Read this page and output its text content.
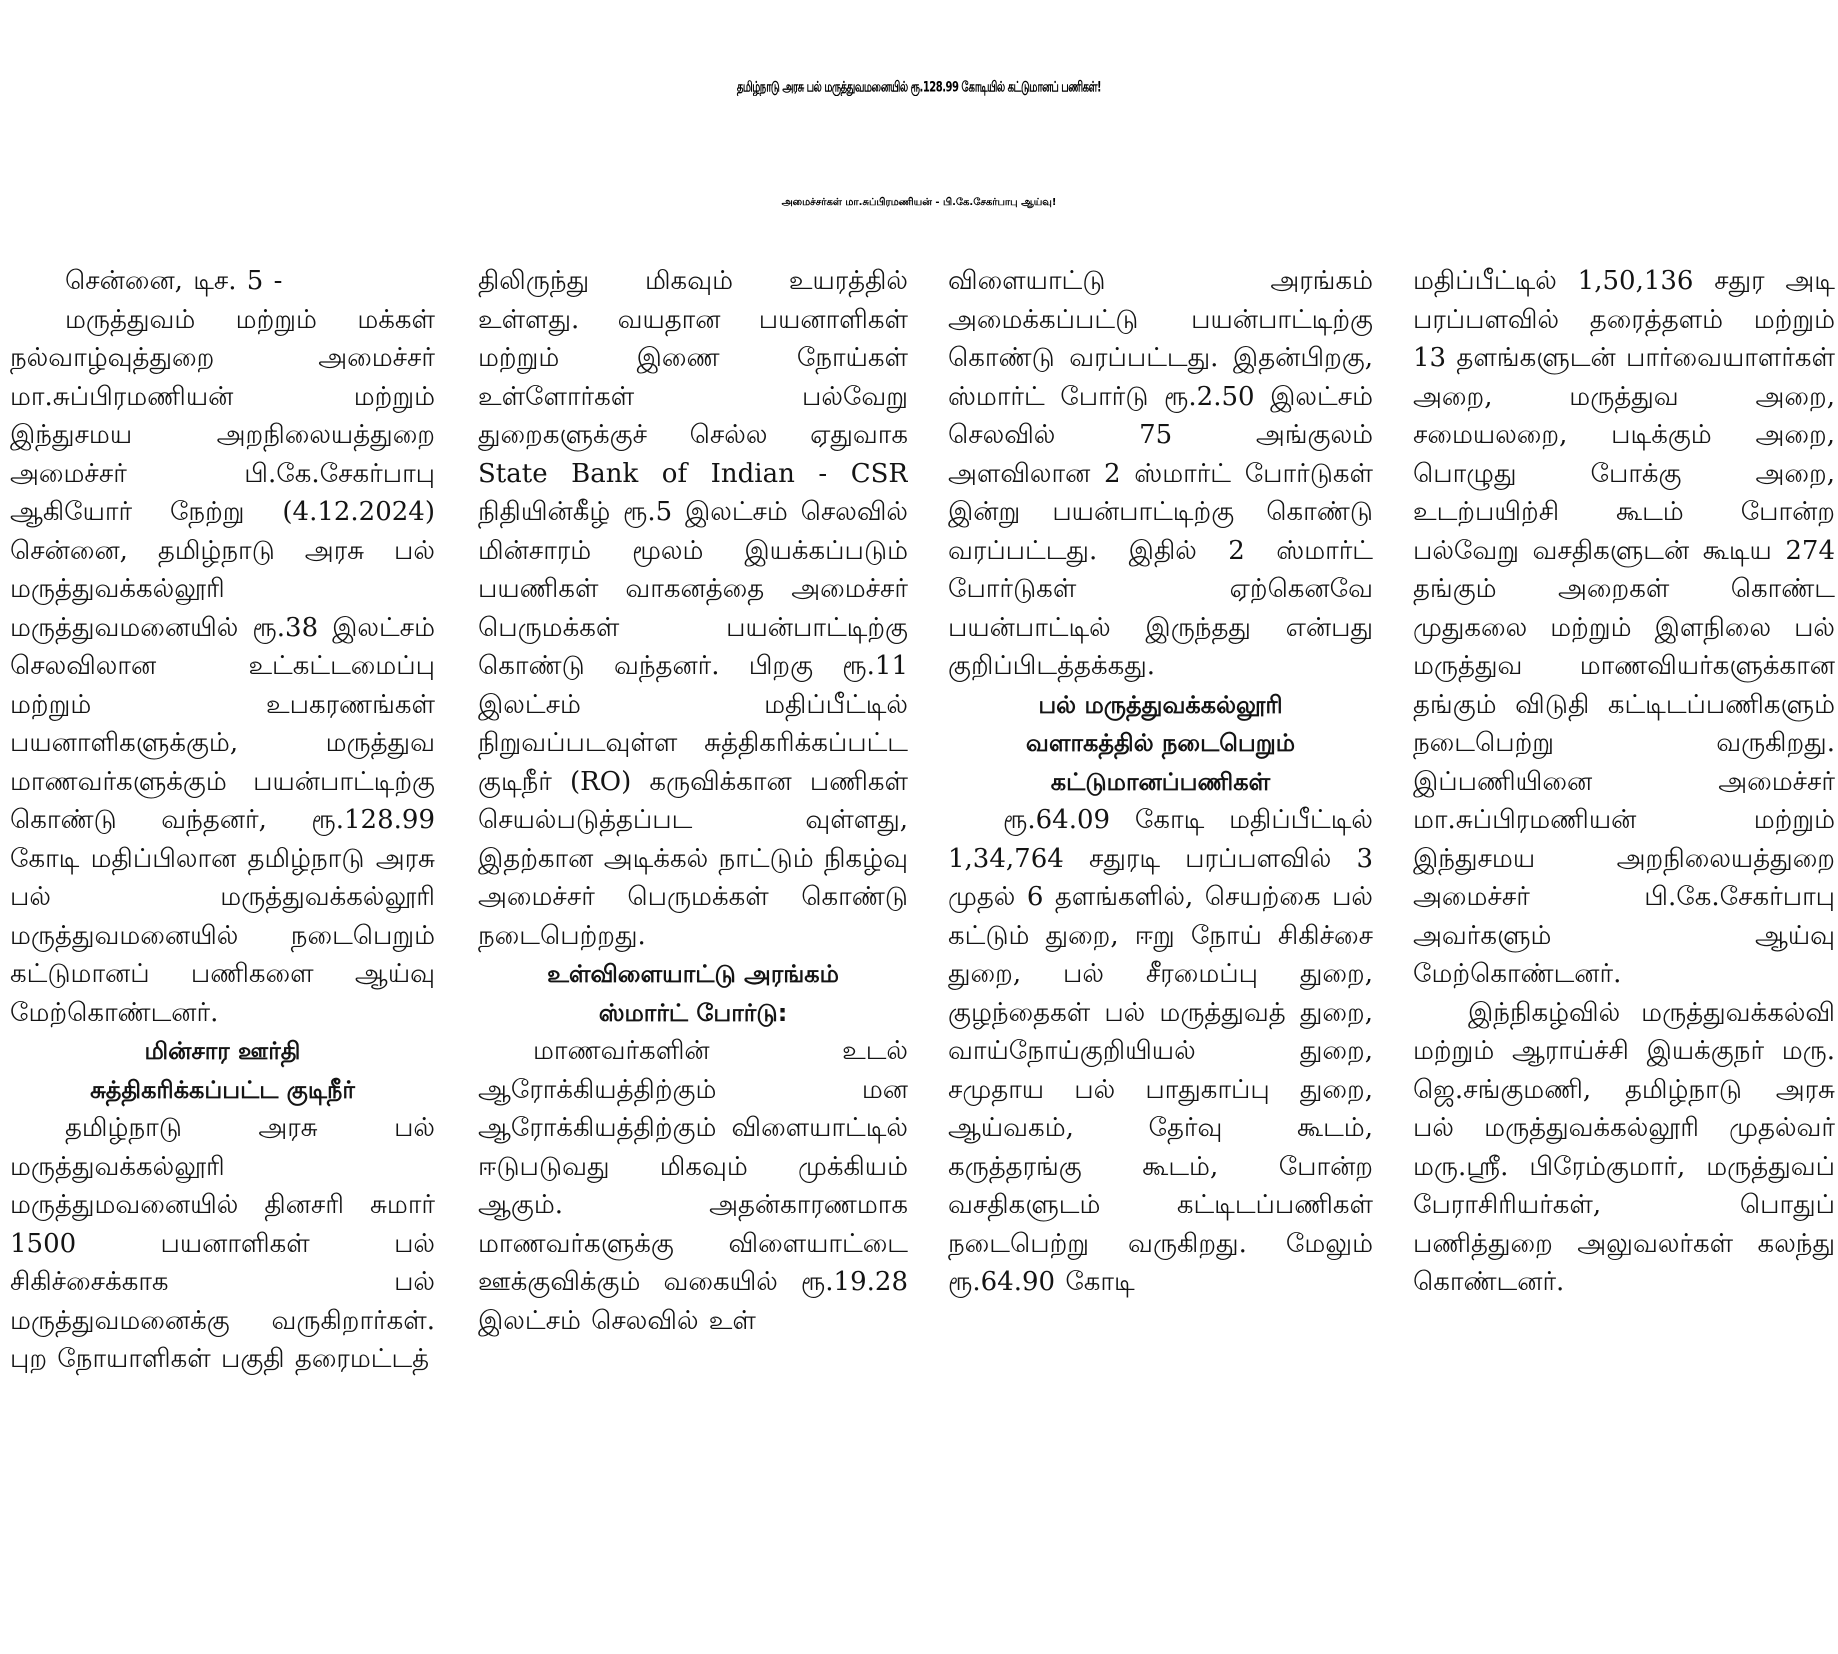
தமிழ்நாடு அரசு பல் மருத்துவமனையில் ரூ.128.99 கோடியில் கட்டுமானப் பணிகள்!
அமைச்சர்கள் மா.சுப்பிரமணியன் - பி.கே.சேகர்பாபு ஆய்வு!

சென்னை, டிச. 5 -

மருத்துவம் மற்றும் மக்கள் நல்வாழ்வுத்துறை அமைச்சர் மா.சுப்பிரமணியன் மற்றும் இந்துசமய அறநிலையத்துறை அமைச்சர் பி.கே.சேகர்பாபு ஆகியோர் நேற்று (4.12.2024) சென்னை, தமிழ்நாடு அரசு பல் மருத்துவக்கல்லூரி மருத்துவமனையில் ரூ.38 இலட்சம் செலவிலான உட்கட்டமைப்பு மற்றும் உபகரணங்கள் பயனாளிகளுக்கும், மருத்துவ மாணவர்களுக்கும் பயன்பாட்டிற்கு கொண்டு வந்தனர், ரூ.128.99 கோடி மதிப்பிலான தமிழ்நாடு அரசு பல் மருத்துவக்கல்லூரி மருத்துவமனையில் நடைபெறும் கட்டுமானப் பணிகளை ஆய்வு மேற்கொண்டனர்.

மின்சார ஊர்தி
சுத்திகரிக்கப்பட்ட குடிநீர்

தமிழ்நாடு அரசு பல் மருத்துவக்கல்லூரி மருத்துமவனையில் தினசரி சுமார் 1500 பயனாளிகள் பல் சிகிச்சைக்காக பல் மருத்துவமனைக்கு வருகிறார்கள். புற நோயாளிகள் பகுதி தரைமட்டத்

திலிருந்து மிகவும் உயரத்தில் உள்ளது. வயதான பயனாளிகள் மற்றும் இணை நோய்கள் உள்ளோர்கள் பல்வேறு துறைகளுக்குச் செல்ல ஏதுவாக State Bank of Indian - CSR நிதியின்கீழ் ரூ.5 இலட்சம் செலவில் மின்சாரம் மூலம் இயக்கப்படும் பயணிகள் வாகனத்தை அமைச்சர் பெருமக்கள் பயன்பாட்டிற்கு கொண்டு வந்தனர். பிறகு ரூ.11 இலட்சம் மதிப்பீட்டில் நிறுவப்படவுள்ள சுத்திகரிக்கப்பட்ட குடிநீர் (RO) கருவிக்கான பணிகள் செயல்படுத்தப்பட வுள்ளது, இதற்கான அடிக்கல் நாட்டும் நிகழ்வு அமைச்சர் பெருமக்கள் கொண்டு நடைபெற்றது.

உள்விளையாட்டு அரங்கம்
ஸ்மார்ட் போர்டு:

மாணவர்களின் உடல் ஆரோக்கியத்திற்கும் மன ஆரோக்கியத்திற்கும் விளையாட்டில் ஈடுபடுவது மிகவும் முக்கியம் ஆகும். அதன்காரணமாக மாணவர்களுக்கு விளையாட்டை ஊக்குவிக்கும் வகையில் ரூ.19.28 இலட்சம் செலவில் உள்

விளையாட்டு அரங்கம் அமைக்கப்பட்டு பயன்பாட்டிற்கு கொண்டு வரப்பட்டது. இதன்பிறகு, ஸ்மார்ட் போர்டு ரூ.2.50 இலட்சம் செலவில் 75 அங்குலம் அளவிலான 2 ஸ்மார்ட் போர்டுகள் இன்று பயன்பாட்டிற்கு கொண்டு வரப்பட்டது. இதில் 2 ஸ்மார்ட் போர்டுகள் ஏற்கெனவே பயன்பாட்டில் இருந்தது என்பது குறிப்பிடத்தக்கது.

பல் மருத்துவக்கல்லூரி
வளாகத்தில் நடைபெறும்
கட்டுமானப்பணிகள்

ரூ.64.09 கோடி மதிப்பீட்டில் 1,34,764 சதுரடி பரப்பளவில் 3 முதல் 6 தளங்களில், செயற்கை பல் கட்டும் துறை, ஈறு நோய் சிகிச்சை துறை, பல் சீரமைப்பு துறை, குழந்தைகள் பல் மருத்துவத் துறை, வாய்நோய்குறியியல் துறை, சமுதாய பல் பாதுகாப்பு துறை, ஆய்வகம், தேர்வு கூடம், கருத்தரங்கு கூடம், போன்ற வசதிகளுடம் கட்டிடப்பணிகள் நடைபெற்று வருகிறது. மேலும் ரூ.64.90 கோடி

மதிப்பீட்டில் 1,50,136 சதுர அடி பரப்பளவில் தரைத்தளம் மற்றும் 13 தளங்களுடன் பார்வையாளர்கள் அறை, மருத்துவ அறை, சமையலறை, படிக்கும் அறை, பொழுது போக்கு அறை, உடற்பயிற்சி கூடம் போன்ற பல்வேறு வசதிகளுடன் கூடிய 274 தங்கும் அறைகள் கொண்ட முதுகலை மற்றும் இளநிலை பல் மருத்துவ மாணவியர்களுக்கான தங்கும் விடுதி கட்டிடப்பணிகளும் நடைபெற்று வருகிறது. இப்பணியினை அமைச்சர் மா.சுப்பிரமணியன் மற்றும் இந்துசமய அறநிலையத்துறை அமைச்சர் பி.கே.சேகர்பாபு அவர்களும் ஆய்வு மேற்கொண்டனர்.

இந்நிகழ்வில் மருத்துவக்கல்வி மற்றும் ஆராய்ச்சி இயக்குநர் மரு. ஜெ.சங்குமணி, தமிழ்நாடு அரசு பல் மருத்துவக்கல்லூரி முதல்வர் மரு.ஸ்ரீ. பிரேம்குமார், மருத்துவப் பேராசிரியர்கள், பொதுப் பணித்துறை அலுவலர்கள் கலந்து கொண்டனர்.
